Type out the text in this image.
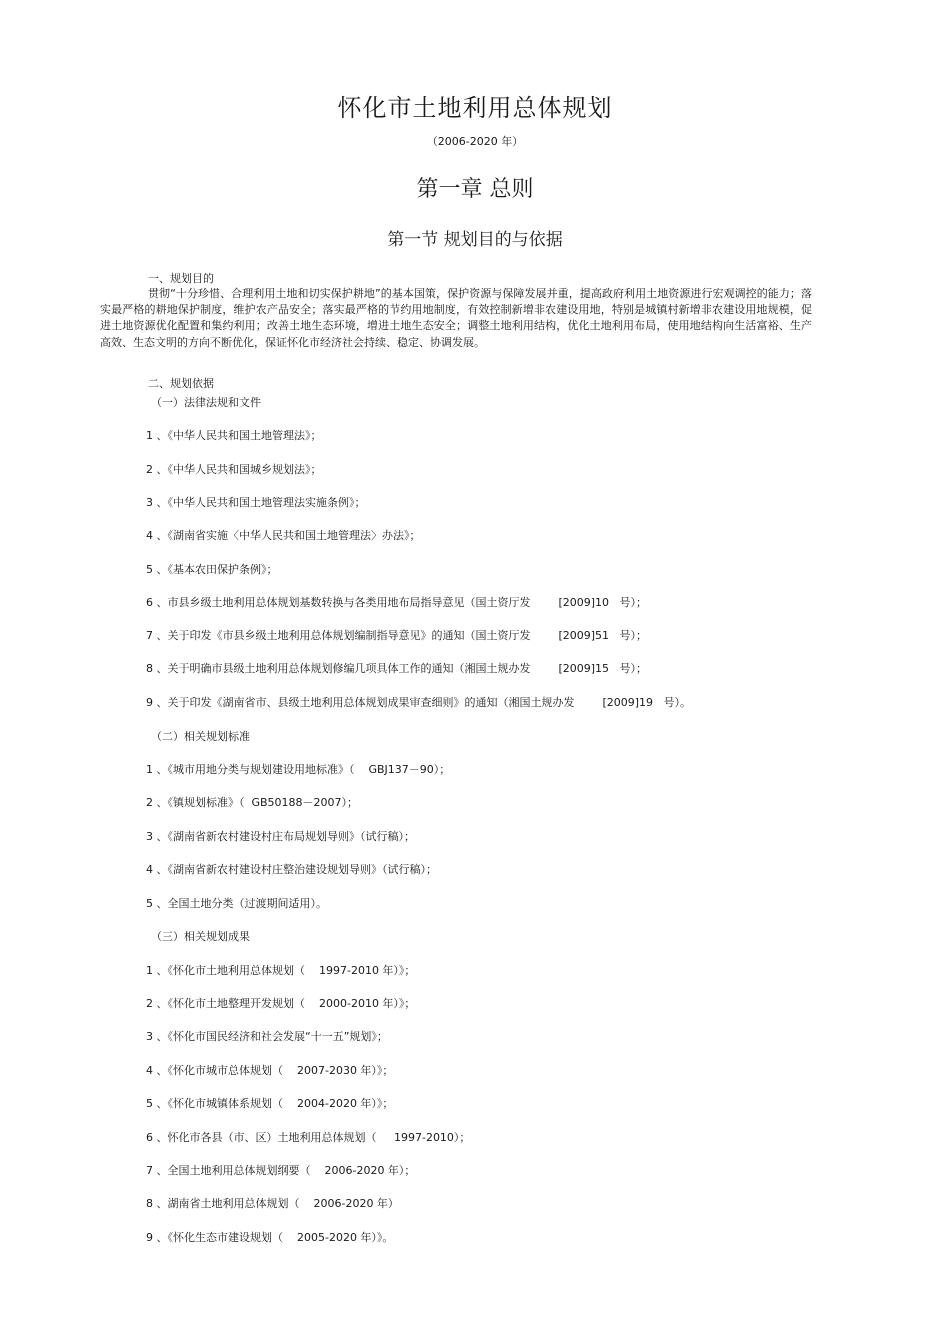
怀化市土地利用总体规划
（2006-2020 年）
第一章 总则
第一节 规划目的与依据
一、规划目的
贯彻“十分珍惜、合理利用土地和切实保护耕地”的基本国策，保护资源与保障发展并重，提高政府利用土地资源进行宏观调控的能力；落实最严格的耕地保护制度，维护农产品安全；落实最严格的节约用地制度，有效控制新增非农建设用地，特别是城镇村新增非农建设用地规模，促进土地资源优化配置和集约利用；改善土地生态环境，增进土地生态安全；调整土地利用结构，优化土地利用布局，使用地结构向生活富裕、生产高效、生态文明的方向不断优化，保证怀化市经济社会持续、稳定、协调发展。
二、规划依据
（一）法律法规和文件
1 、《中华人民共和国土地管理法》；
2 、《中华人民共和国城乡规划法》；
3 、《中华人民共和国土地管理法实施条例》；
4 、《湖南省实施〈中华人民共和国土地管理法〉办法》；
5 、《基本农田保护条例》；
6 、市县乡级土地利用总体规划基数转换与各类用地布局指导意见（国土资厅发        [2009]10   号）；
7 、关于印发《市县乡级土地利用总体规划编制指导意见》的通知（国土资厅发        [2009]51   号）；
8 、关于明确市县级土地利用总体规划修编几项具体工作的通知（湘国土规办发        [2009]15   号）；
9 、关于印发《湖南省市、县级土地利用总体规划成果审查细则》的通知（湘国土规办发        [2009]19   号）。
（二）相关规划标准
1 、《城市用地分类与规划建设用地标准》（    GBJ137－90）；
2 、《镇规划标准》（  GB50188－2007）；
3 、《湖南省新农村建设村庄布局规划导则》（试行稿）；
4 、《湖南省新农村建设村庄整治建设规划导则》（试行稿）；
5 、全国土地分类（过渡期间适用）。
（三）相关规划成果
1 、《怀化市土地利用总体规划（    1997-2010 年）》；
2 、《怀化市土地整理开发规划（    2000-2010 年）》；
3 、《怀化市国民经济和社会发展“十一五”规划》；
4 、《怀化市城市总体规划（    2007-2030 年）》；
5 、《怀化市城镇体系规划（    2004-2020 年）》；
6 、怀化市各县（市、区）土地利用总体规划（     1997-2010）；
7 、全国土地利用总体规划纲要（    2006-2020 年）；
8 、湖南省土地利用总体规划（    2006-2020 年）
9 、《怀化生态市建设规划（    2005-2020 年）》。
